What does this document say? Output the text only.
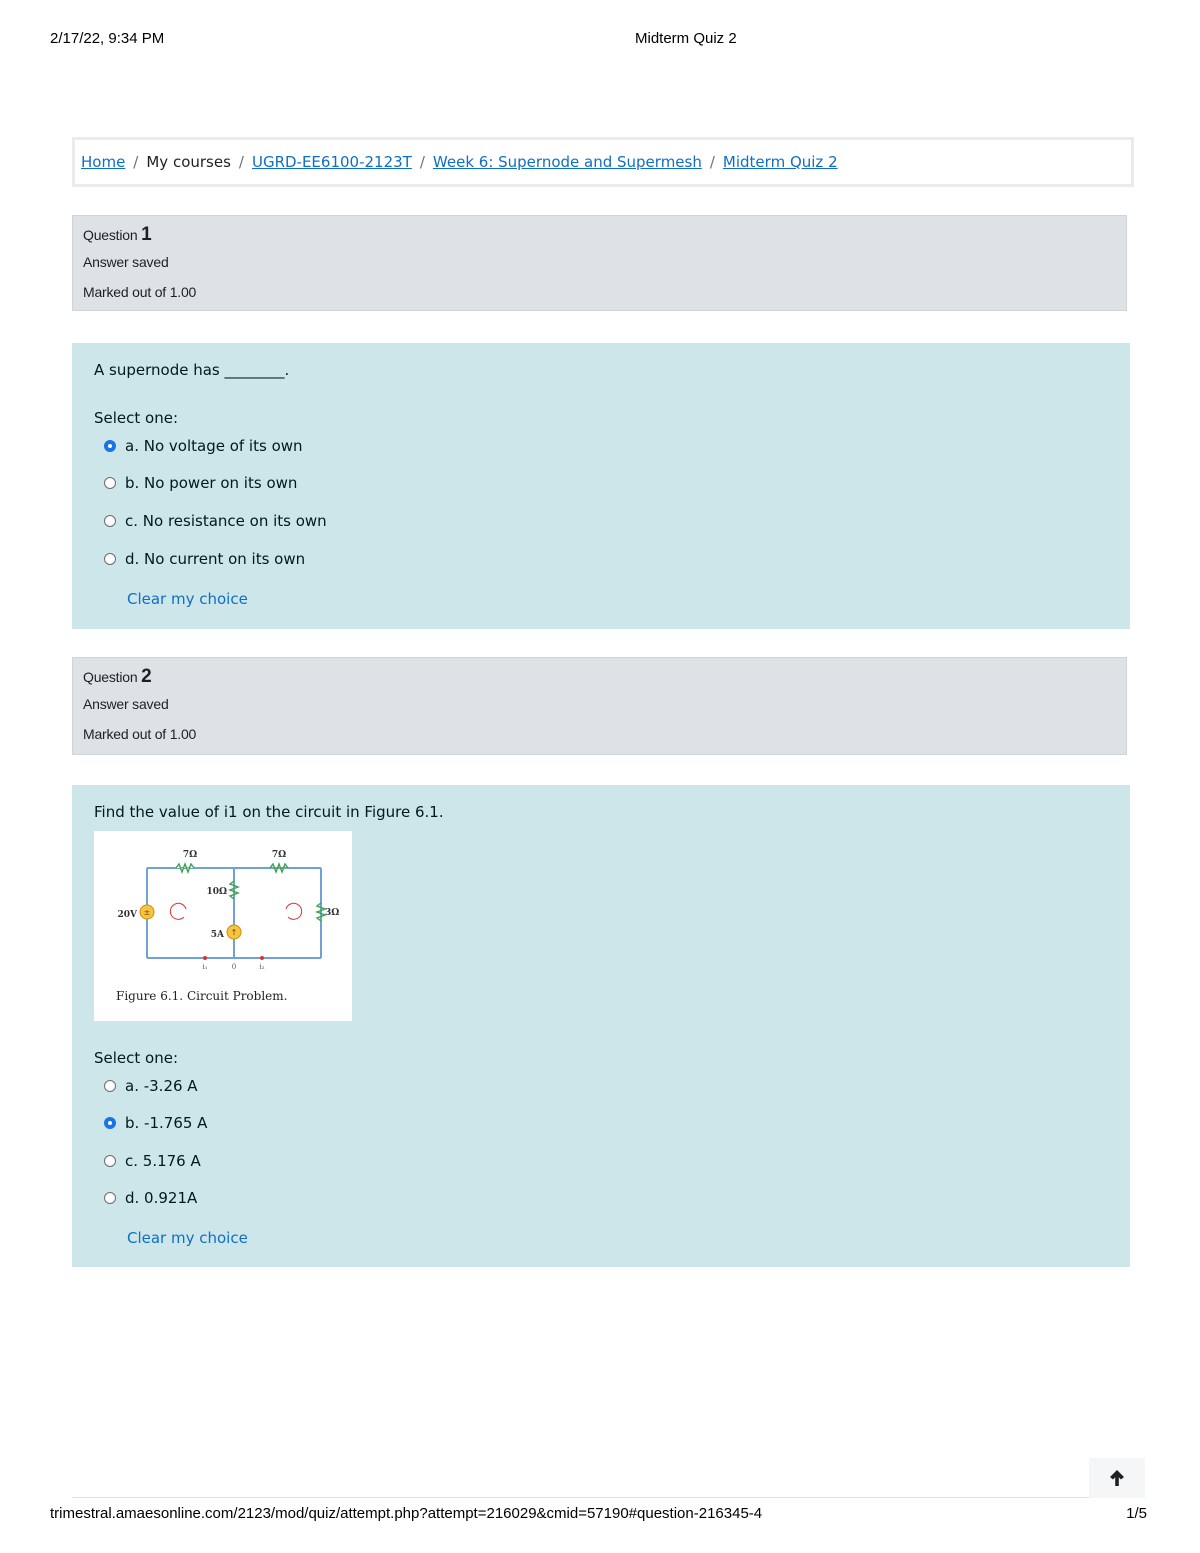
2/17/22, 9:34 PM	Midterm Quiz 2
Home / My courses / UGRD-EE6100-2123T / Week 6: Supernode and Supermesh / Midterm Quiz 2
Question 1
Answer saved
Marked out of 1.00
A supernode has ________.
Select one:
a. No voltage of its own
b. No power on its own
c. No resistance on its own
d. No current on its own
Clear my choice
Question 2
Answer saved
Marked out of 1.00
Find the value of i1 on the circuit in Figure 6.1.
±
↑
7Ω	7Ω
10Ω
3Ω
20V
5A
i₁	0	i₂
Figure 6.1. Circuit Problem.
Select one:
a. -3.26 A
b. -1.765 A
c. 5.176 A
d. 0.921A
Clear my choice
trimestral.amaesonline.com/2123/mod/quiz/attempt.php?attempt=216029&cmid=57190#question-216345-4	1/5
